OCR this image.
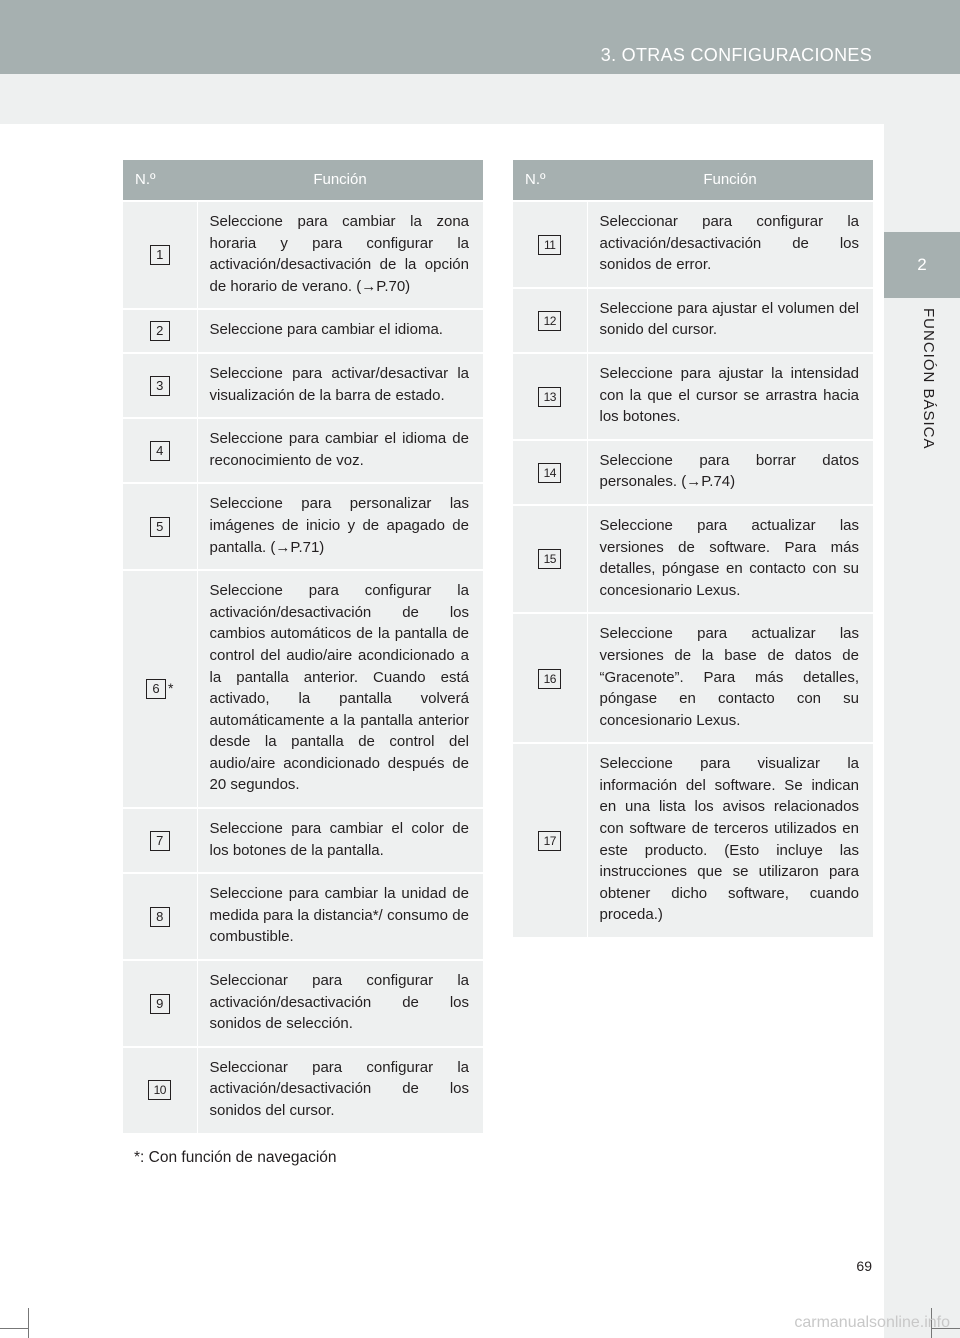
3. OTRAS CONFIGURACIONES
2
FUNCIÓN BÁSICA
N.º	Función
1	Seleccione para cambiar la zona horaria y para configurar la activación/desactivación de la opción de horario de verano. (→P.70)
2	Seleccione para cambiar el idioma.
3	Seleccione para activar/desactivar la visualización de la barra de estado.
4	Seleccione para cambiar el idioma de reconocimiento de voz.
5	Seleccione para personalizar las imágenes de inicio y de apagado de pantalla. (→P.71)
6 *	Seleccione para configurar la activación/desactivación de los cambios automáticos de la pantalla de control del audio/aire acondicionado a la pantalla anterior. Cuando está activado, la pantalla volverá automáticamente a la pantalla anterior desde la pantalla de control del audio/aire acondicionado después de 20 segundos.
7	Seleccione para cambiar el color de los botones de la pantalla.
8	Seleccione para cambiar la unidad de medida para la distancia*/ consumo de combustible.
9	Seleccionar para configurar la activación/desactivación de los sonidos de selección.
10	Seleccionar para configurar la activación/desactivación de los sonidos del cursor.
N.º	Función
11	Seleccionar para configurar la activación/desactivación de los sonidos de error.
12	Seleccione para ajustar el volumen del sonido del cursor.
13	Seleccione para ajustar la intensidad con la que el cursor se arrastra hacia los botones.
14	Seleccione para borrar datos personales. (→P.74)
15	Seleccione para actualizar las versiones de software. Para más detalles, póngase en contacto con su concesionario Lexus.
16	Seleccione para actualizar las versiones de la base de datos de “Gracenote”. Para más detalles, póngase en contacto con su concesionario Lexus.
17	Seleccione para visualizar la información del software. Se indican en una lista los avisos relacionados con software de terceros utilizados en este producto. (Esto incluye las instrucciones que se utilizaron para obtener dicho software, cuando proceda.)
*: Con función de navegación
69
carmanualsonline.info
